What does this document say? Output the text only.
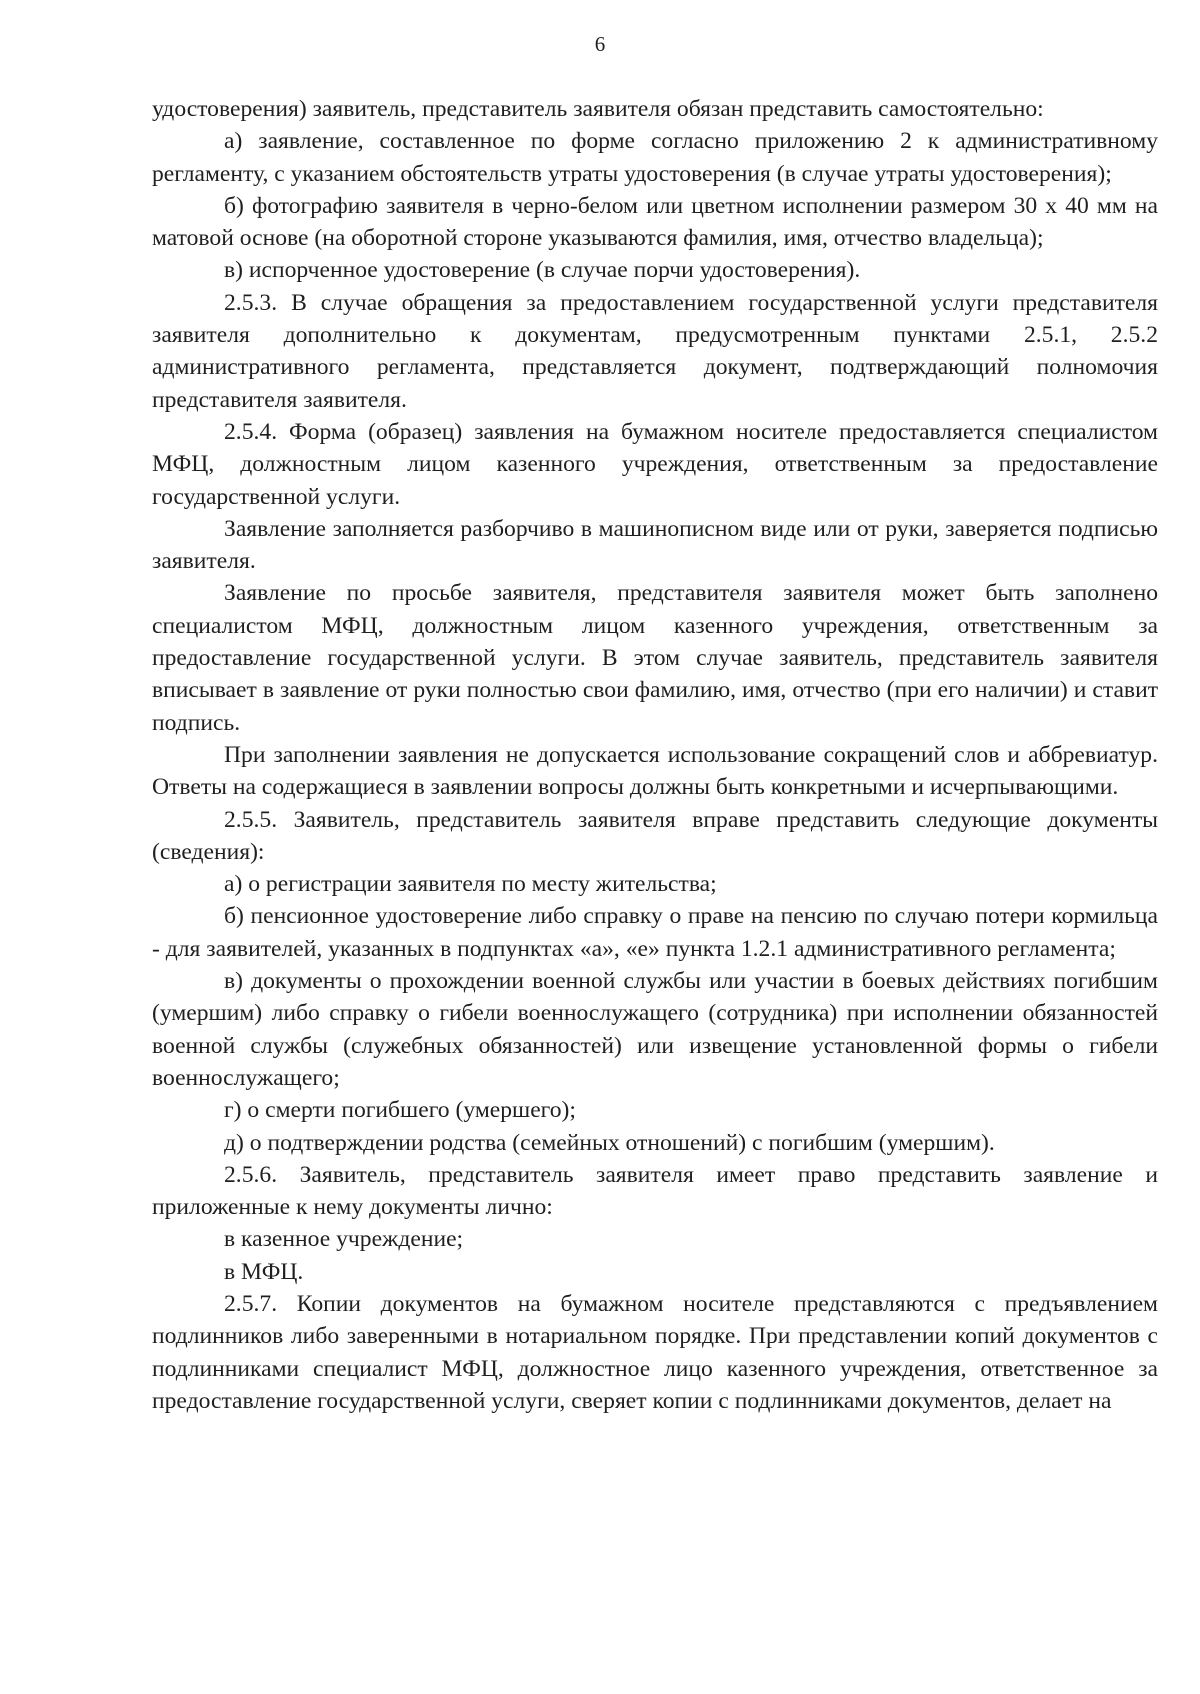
6

удостоверения) заявитель, представитель заявителя обязан представить самостоятельно:

а) заявление, составленное по форме согласно приложению 2 к административному регламенту, с указанием обстоятельств утраты удостоверения (в случае утраты удостоверения);

б) фотографию заявителя в черно-белом или цветном исполнении размером 30 х 40 мм на матовой основе (на оборотной стороне указываются фамилия, имя, отчество владельца);

в) испорченное удостоверение (в случае порчи удостоверения).

2.5.3. В случае обращения за предоставлением государственной услуги представителя заявителя дополнительно к документам, предусмотренным пунктами 2.5.1, 2.5.2 административного регламента, представляется документ, подтверждающий полномочия представителя заявителя.

2.5.4. Форма (образец) заявления на бумажном носителе предоставляется специалистом МФЦ, должностным лицом казенного учреждения, ответственным за предоставление государственной услуги.

Заявление заполняется разборчиво в машинописном виде или от руки, заверяется подписью заявителя.

Заявление по просьбе заявителя, представителя заявителя может быть заполнено специалистом МФЦ, должностным лицом казенного учреждения, ответственным за предоставление государственной услуги. В этом случае заявитель, представитель заявителя вписывает в заявление от руки полностью свои фамилию, имя, отчество (при его наличии) и ставит подпись.

При заполнении заявления не допускается использование сокращений слов и аббревиатур. Ответы на содержащиеся в заявлении вопросы должны быть конкретными и исчерпывающими.

2.5.5. Заявитель, представитель заявителя вправе представить следующие документы (сведения):

а) о регистрации заявителя по месту жительства;

б) пенсионное удостоверение либо справку о праве на пенсию по случаю потери кормильца - для заявителей, указанных в подпунктах «а», «е» пункта 1.2.1 административного регламента;

в) документы о прохождении военной службы или участии в боевых действиях погибшим (умершим) либо справку о гибели военнослужащего (сотрудника) при исполнении обязанностей военной службы (служебных обязанностей) или извещение установленной формы о гибели военнослужащего;

г) о смерти погибшего (умершего);

д) о подтверждении родства (семейных отношений) с погибшим (умершим).

2.5.6. Заявитель, представитель заявителя имеет право представить заявление и приложенные к нему документы лично:

в казенное учреждение;

в МФЦ.

2.5.7. Копии документов на бумажном носителе представляются с предъявлением подлинников либо заверенными в нотариальном порядке. При представлении копий документов с подлинниками специалист МФЦ, должностное лицо казенного учреждения, ответственное за предоставление государственной услуги, сверяет копии с подлинниками документов, делает на
